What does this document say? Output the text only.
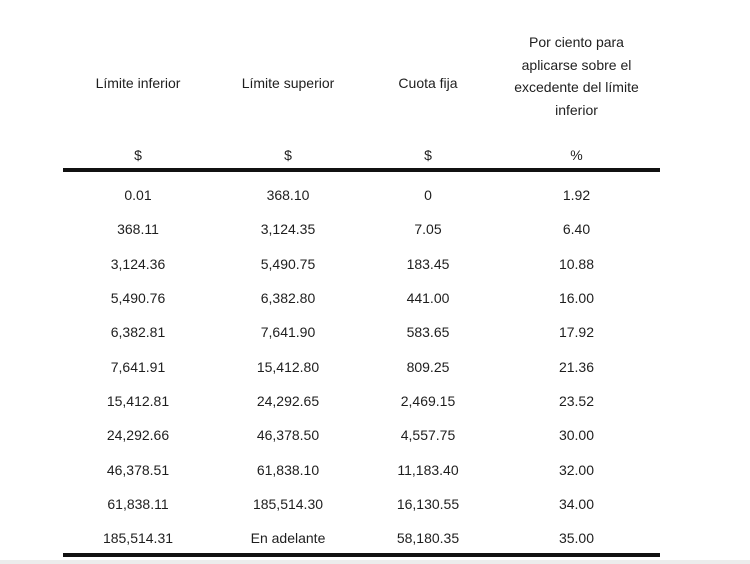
Límite inferior	Límite superior	Cuota fija
Por ciento para
aplicarse sobre el
excedente del límite
inferior
$	$	$	%
0.01	368.10	0	1.92
368.11	3,124.35	7.05	6.40
3,124.36	5,490.75	183.45	10.88
5,490.76	6,382.80	441.00	16.00
6,382.81	7,641.90	583.65	17.92
7,641.91	15,412.80	809.25	21.36
15,412.81	24,292.65	2,469.15	23.52
24,292.66	46,378.50	4,557.75	30.00
46,378.51	61,838.10	11,183.40	32.00
61,838.11	185,514.30	16,130.55	34.00
185,514.31	En adelante	58,180.35	35.00
